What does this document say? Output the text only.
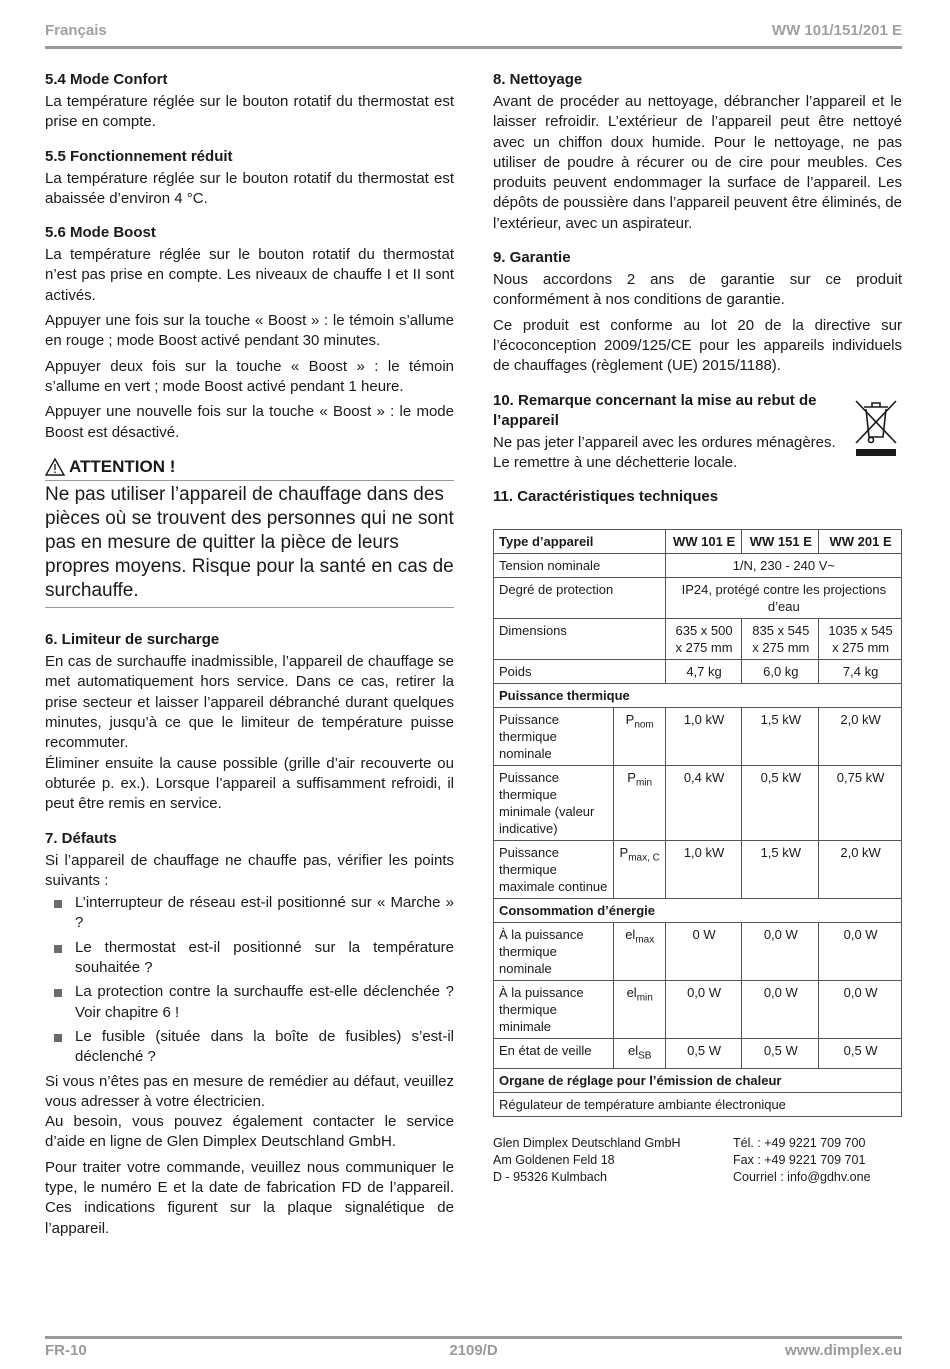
Français	WW 101/151/201 E
5.4 Mode Confort

La température réglée sur le bouton rotatif du thermostat est prise en compte.

5.5 Fonctionnement réduit

La température réglée sur le bouton rotatif du thermostat est abaissée d’environ 4 °C.

5.6 Mode Boost

La température réglée sur le bouton rotatif du thermostat n’est pas prise en compte. Les niveaux de chauffe I et II sont activés.

Appuyer une fois sur la touche « Boost » : le témoin s’allume en rouge ; mode Boost activé pendant 30 minutes.

Appuyer deux fois sur la touche « Boost » : le témoin s’allume en vert ; mode Boost activé pendant 1 heure.

Appuyer une nouvelle fois sur la touche « Boost » : le mode Boost est désactivé.

ATTENTION !
Ne pas utiliser l’appareil de chauffage dans des pièces où se trouvent des personnes qui ne sont pas en mesure de quitter la pièce de leurs propres moyens. Risque pour la santé en cas de surchauffe.
6. Limiteur de surcharge

En cas de surchauffe inadmissible, l’appareil de chauffage se met automatiquement hors service. Dans ce cas, retirer la prise secteur et laisser l’appareil débranché durant quelques minutes, jusqu’à ce que le limiteur de température puisse recommuter.

Éliminer ensuite la cause possible (grille d’air recouverte ou obturée p. ex.). Lorsque l’appareil a suffisamment refroidi, il peut être remis en service.

7. Défauts

Si l’appareil de chauffage ne chauffe pas, vérifier les points suivants :

L’interrupteur de réseau est-il positionné sur « Marche » ?
Le thermostat est-il positionné sur la température souhaitée ?
La protection contre la surchauffe est-elle déclenchée ? Voir chapitre 6 !
Le fusible (située dans la boîte de fusibles) s’est-il déclenché ?

Si vous n’êtes pas en mesure de remédier au défaut, veuillez vous adresser à votre électricien.

Au besoin, vous pouvez également contacter le service d’aide en ligne de Glen Dimplex Deutschland GmbH.

Pour traiter votre commande, veuillez nous communiquer le type, le numéro E et la date de fabrication FD de l’appareil. Ces indications figurent sur la plaque signalétique de l’appareil.

8. Nettoyage

Avant de procéder au nettoyage, débrancher l’appareil et le laisser refroidir. L’extérieur de l’appareil peut être nettoyé avec un chiffon doux humide. Pour le nettoyage, ne pas utiliser de poudre à récurer ou de cire pour meubles. Ces produits peuvent endommager la surface de l’appareil. Les dépôts de poussière dans l’appareil peuvent être éliminés, de l’extérieur, avec un aspirateur.

9. Garantie

Nous accordons 2 ans de garantie sur ce produit conformément à nos conditions de garantie.

Ce produit est conforme au lot 20 de la directive sur l’écoconception 2009/125/CE pour les appareils individuels de chauffages (règlement (UE) 2015/1188).

10. Remarque concernant la mise au rebut de l’appareil

Ne pas jeter l’appareil avec les ordures ménagères. Le remettre à une déchetterie locale.

11. Caractéristiques techniques
Type d’appareil		WW 101 E	WW 151 E	WW 201 E
Tension nominale		1/N, 230 - 240 V~		
Degré de protection		IP24, protégé contre les projections d’eau		
Dimensions		635 x 500 x 275 mm	835 x 545 x 275 mm	1035 x 545 x 275 mm
Poids		4,7 kg	6,0 kg	7,4 kg
Puissance thermique				
Puissance thermique nominale	$P_{nom}$	1,0 kW	1,5 kW	2,0 kW
Puissance thermique minimale (valeur indicative)	$P_{min}$	0,4 kW	0,5 kW	0,75 kW
Puissance thermique maximale continue	$P_{max, C}$	1,0 kW	1,5 kW	2,0 kW
Consommation d’énergie				
À la puissance thermique nominale	$el_{max}$	0 W	0,0 W	0,0 W
À la puissance thermique minimale	$el_{min}$	0,0 W	0,0 W	0,0 W
En état de veille	$el_{SB}$	0,5 W	0,5 W	0,5 W
Organe de réglage pour l’émission de chaleur				
Régulateur de température ambiante électronique				
Glen Dimplex Deutschland GmbH
Am Goldenen Feld 18
D - 95326 Kulmbach
Tél. : +49 9221 709 700
Fax : +49 9221 709 701
Courriel : info@gdhv.one
FR-10	2109/D	www.dimplex.eu
